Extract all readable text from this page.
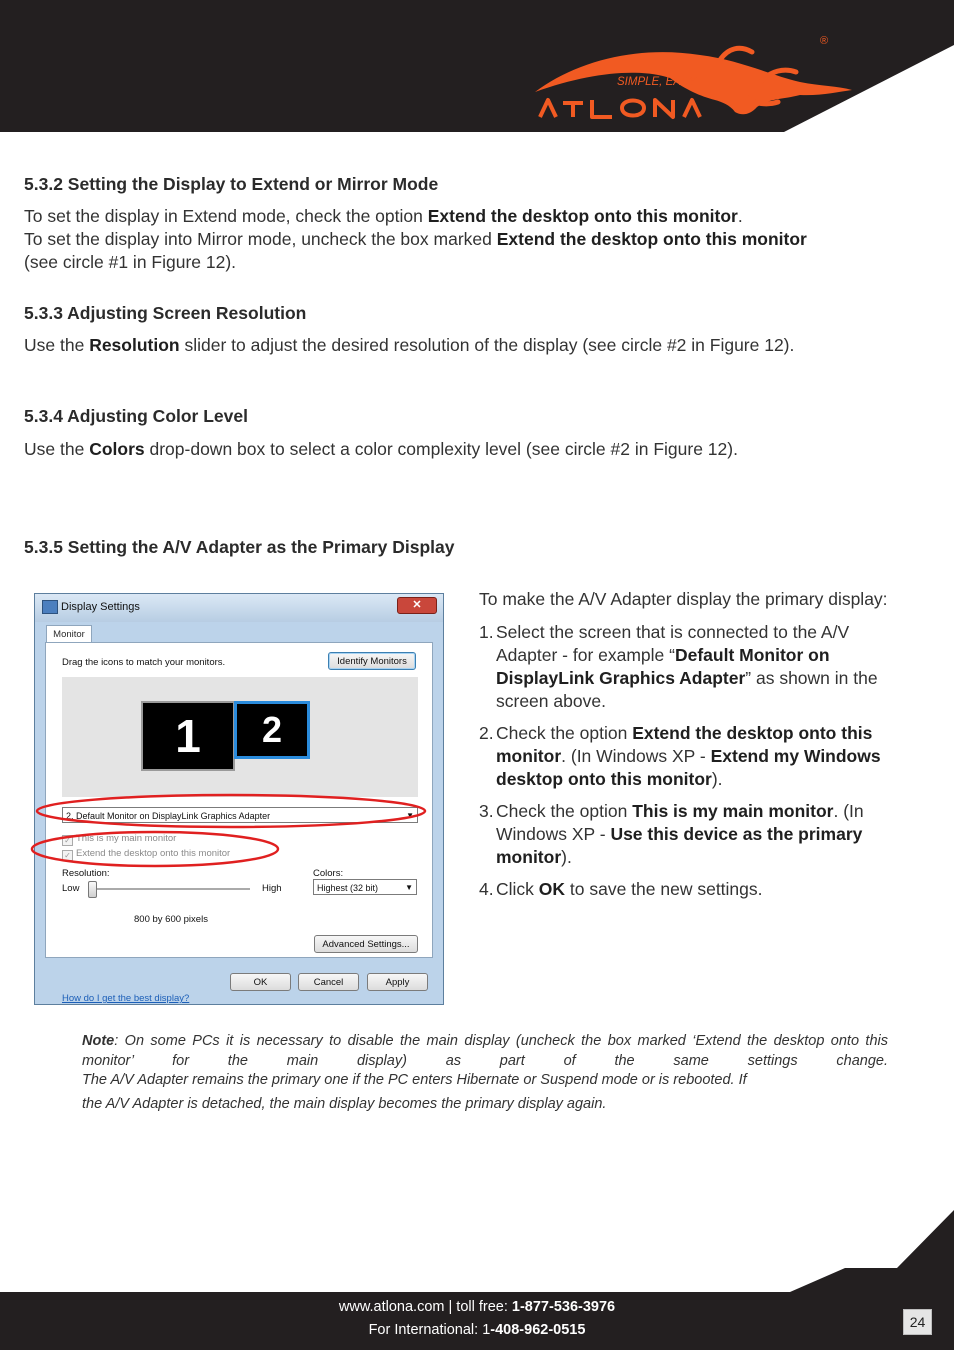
SIMPLE, EASY
®
5.3.2 Setting the Display to Extend or Mirror Mode

To set the display in Extend mode, check the option Extend the desktop onto this monitor.
To set the display into Mirror mode, uncheck the box marked Extend the desktop onto this monitor
(see circle #1 in Figure 12).

5.3.3 Adjusting Screen Resolution

Use the Resolution slider to adjust the desired resolution of the display (see circle #2 in Figure 12).

5.3.4 Adjusting Color Level

Use the Colors drop-down box to select a color complexity level (see circle #2 in Figure 12).

5.3.5 Setting the A/V Adapter as the Primary Display
Display Settings	✕
Monitor
Drag the icons to match your monitors.	Identify Monitors
1	2
2. Default Monitor on DisplayLink Graphics Adapter	▼
✓ This is my main monitor
✓ Extend the desktop onto this monitor
Resolution:	Colors:
Low	High	Highest (32 bit)	▼
800 by 600 pixels
How do I get the best display?
Advanced Settings...
OK	Cancel	Apply

To make the A/V Adapter display the primary display:

1. Select the screen that is connected to the A/V Adapter - for example “Default Monitor on DisplayLink Graphics Adapter” as shown in the screen above.
2. Check the option Extend the desktop onto this monitor. (In Windows XP - Extend my Windows desktop onto this monitor).
3. Check the option This is my main monitor. (In Windows XP - Use this device as the primary monitor).
4. Click OK to save the new settings.
Note: On some PCs it is necessary to disable the main display (uncheck the box marked ‘Extend the desktop onto this monitor’ for the main display) as part of the same settings change.
The A/V Adapter remains the primary one if the PC enters Hibernate or Suspend mode or is rebooted. If
the A/V Adapter is detached, the main display becomes the primary display again.
www.atlona.com | toll free: 1-877-536-3976
For International: 1-408-962-0515	24
